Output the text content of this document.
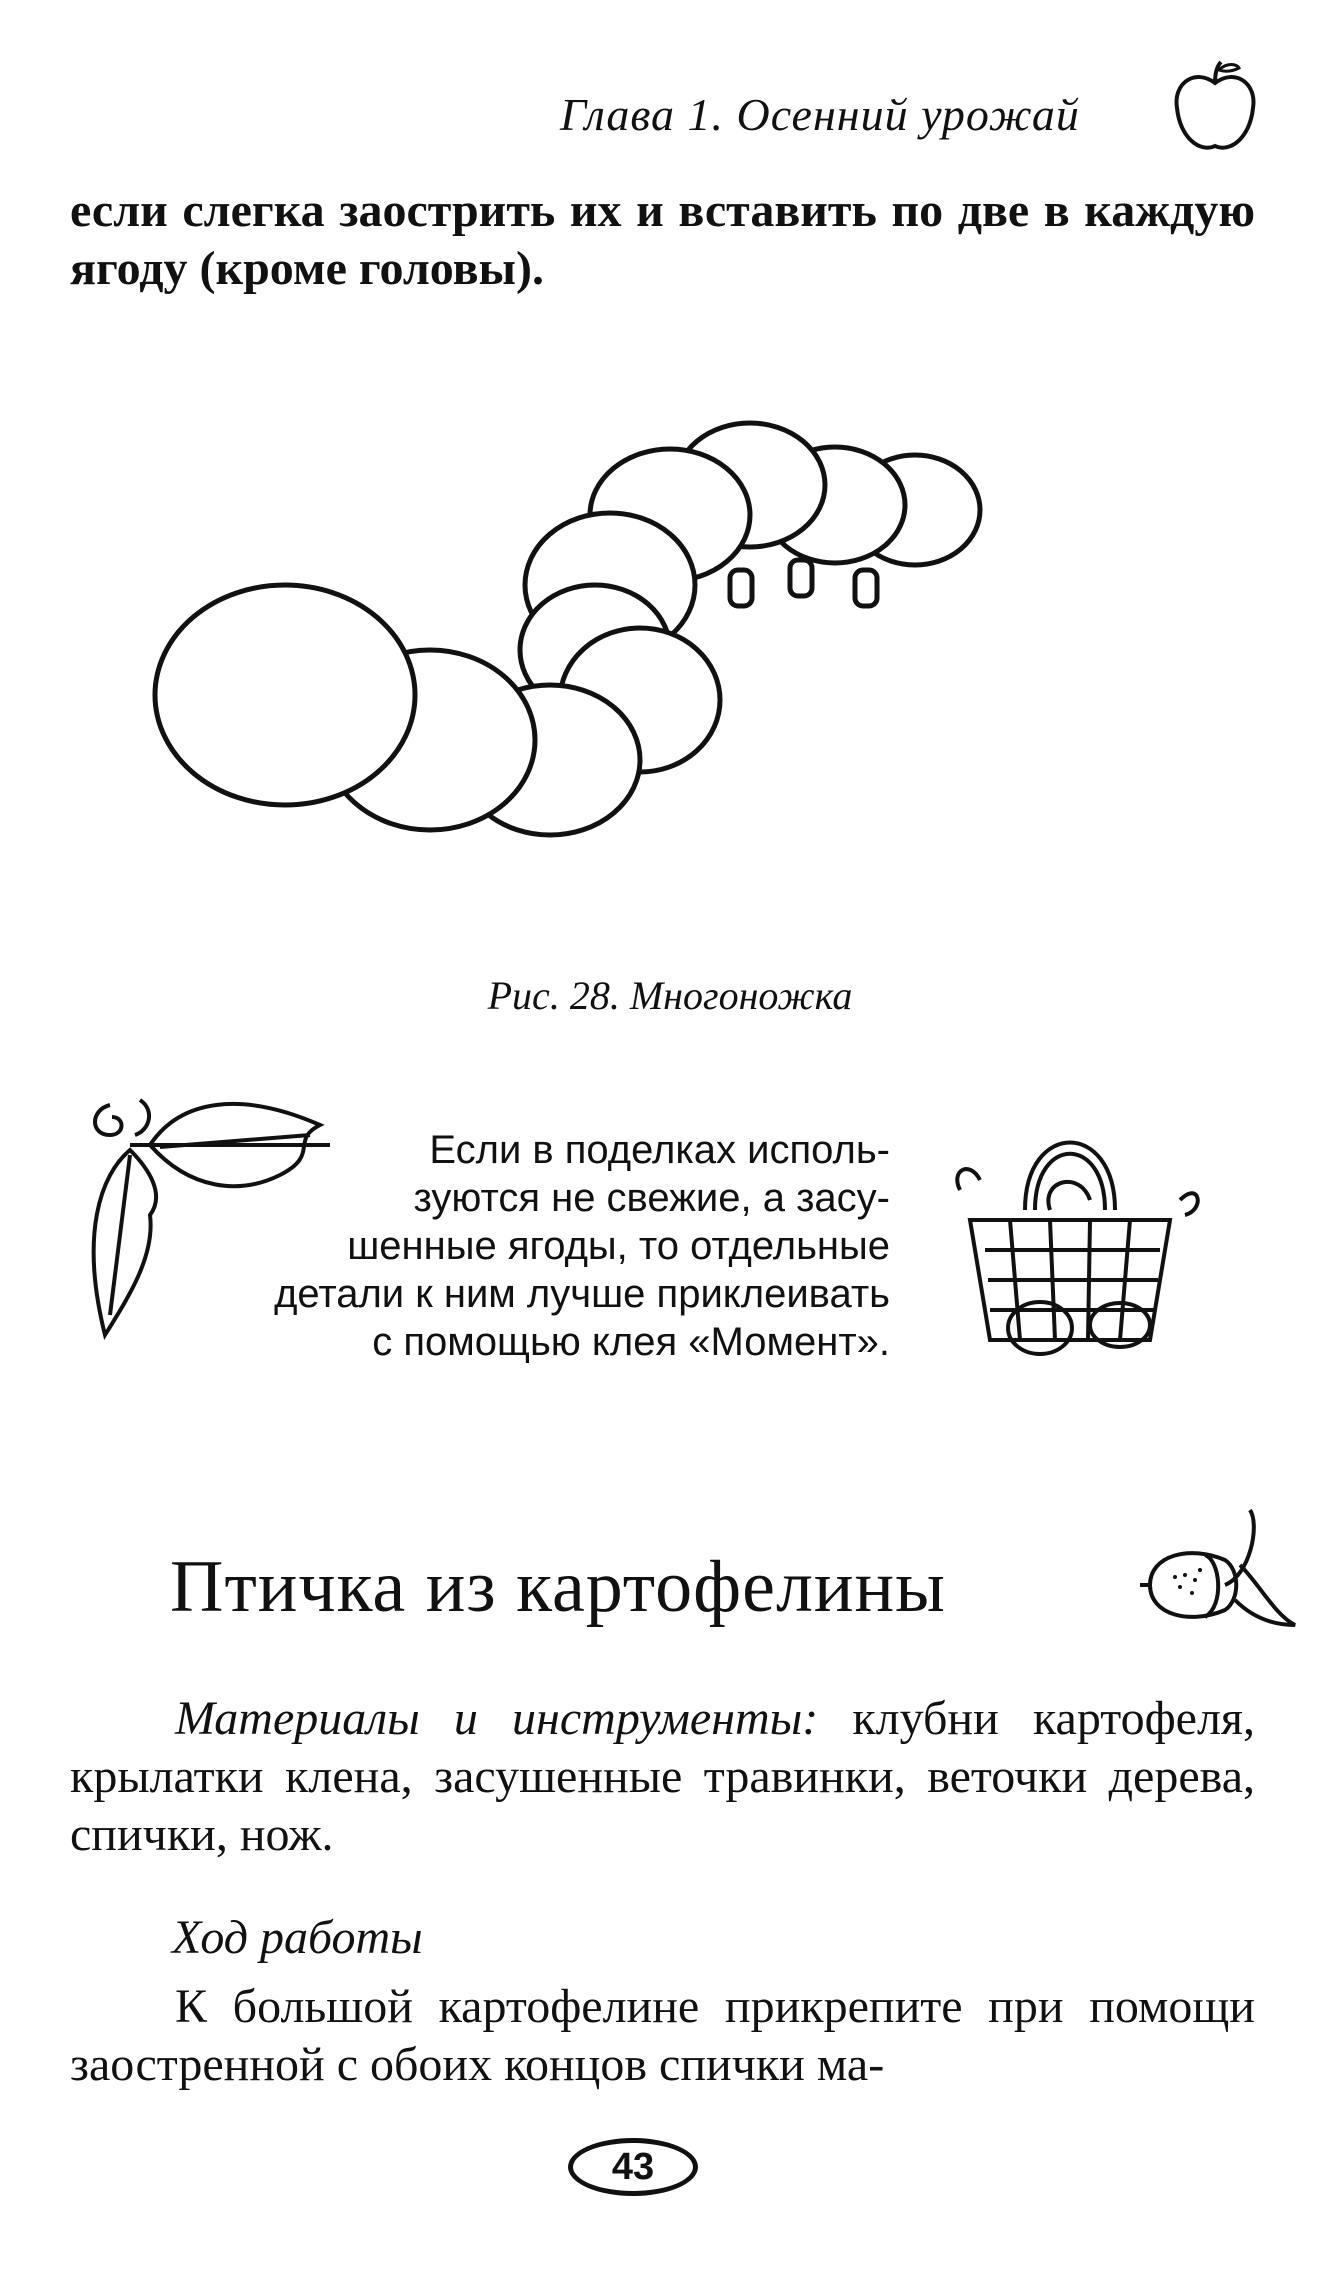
Глава 1. Осенний урожай
если слегка заострить их и вставить по две в каждую ягоду (кроме головы).
Рис. 28. Многоножка
Если в поделках исполь-
зуются не свежие, а засу-
шенные ягоды, то отдельные
детали к ним лучше приклеивать
с помощью клея «Момент».
Птичка из картофелины
Материалы и инструменты: клубни картофеля, крылатки клена, засушенные травинки, веточки дерева, спички, нож.
Ход работы
К большой картофелине прикрепите при помощи заостренной с обоих концов спички ма-
43
